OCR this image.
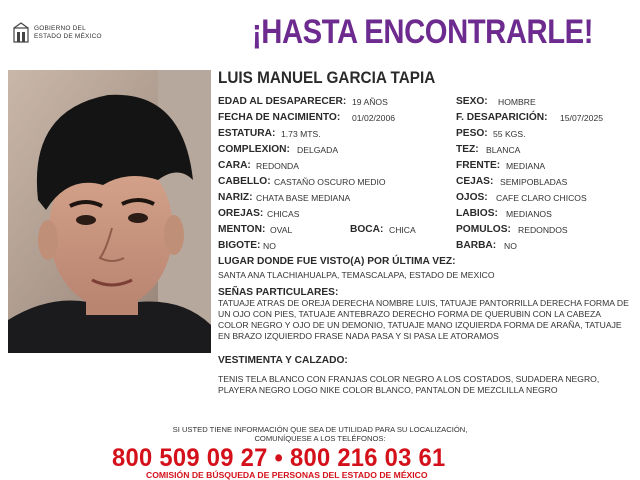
GOBIERNO DEL
ESTADO DE MÉXICO	¡HASTA ENCONTRARLE!
LUIS MANUEL GARCIA TAPIA
EDAD AL DESAPARECER: 19 AÑOS	SEXO: HOMBRE
FECHA DE NACIMIENTO: 01/02/2006	F. DESAPARICIÓN: 15/07/2025
ESTATURA: 1.73 MTS.	PESO: 55 KGS.
COMPLEXION: DELGADA	TEZ: BLANCA
CARA: REDONDA	FRENTE: MEDIANA
CABELLO: CASTAÑO OSCURO MEDIO	CEJAS: SEMIPOBLADAS
NARIZ: CHATA BASE MEDIANA	OJOS: CAFE CLARO CHICOS
OREJAS: CHICAS	LABIOS: MEDIANOS
MENTON: OVAL	BOCA: CHICA	POMULOS: REDONDOS
BIGOTE: NO	BARBA: NO
LUGAR DONDE FUE VISTO(A) POR ÚLTIMA VEZ:
SANTA ANA TLACHIAHUALPA, TEMASCALAPA, ESTADO DE MEXICO
SEÑAS PARTICULARES:
TATUAJE ATRAS DE OREJA DERECHA NOMBRE LUIS, TATUAJE PANTORRILLA DERECHA FORMA DE UN OJO CON PIES, TATUAJE ANTEBRAZO DERECHO FORMA DE QUERUBIN CON LA CABEZA COLOR NEGRO Y OJO DE UN DEMONIO, TATUAJE MANO IZQUIERDA FORMA DE ARAÑA, TATUAJE EN BRAZO IZQUIERDO FRASE NADA PASA Y SI PASA LE ATORAMOS
VESTIMENTA Y CALZADO:
TENIS TELA BLANCO CON FRANJAS COLOR NEGRO A LOS COSTADOS, SUDADERA NEGRO, PLAYERA NEGRO LOGO NIKE COLOR BLANCO, PANTALON DE MEZCLILLA NEGRO
SI USTED TIENE INFORMACIÓN QUE SEA DE UTILIDAD PARA SU LOCALIZACIÓN,
COMUNÍQUESE A LOS TELÉFONOS:
800 509 09 27 • 800 216 03 61
COMISIÓN DE BÚSQUEDA DE PERSONAS DEL ESTADO DE MÉXICO
